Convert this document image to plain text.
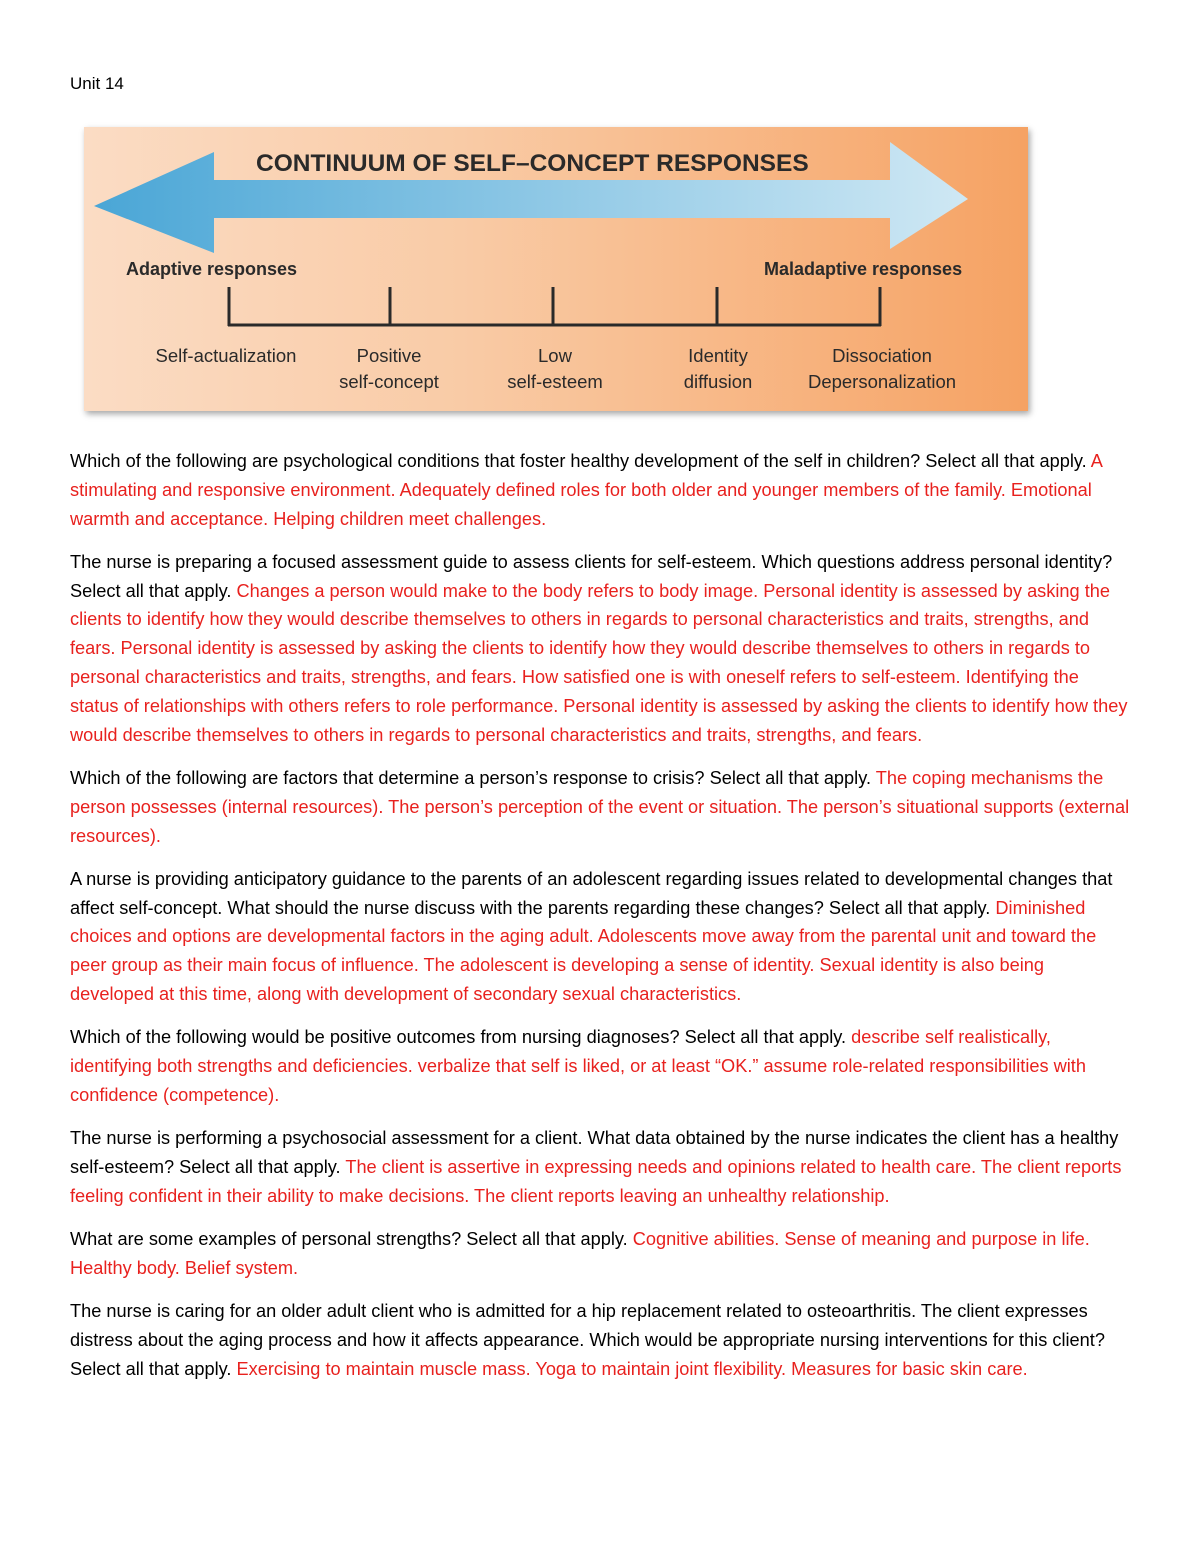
Unit 14
CONTINUUM OF SELF–CONCEPT RESPONSES
Adaptive responses	Maladaptive responses
Self-actualization	Positive
self-concept
Low
self-esteem
Identity
diffusion
Dissociation
Depersonalization

Which of the following are psychological conditions that foster healthy development of the self in children? Select all that apply. A stimulating and responsive environment. Adequately defined roles for both older and younger members of the family. Emotional warmth and acceptance. Helping children meet challenges.

The nurse is preparing a focused assessment guide to assess clients for self-esteem. Which questions address personal identity? Select all that apply. Changes a person would make to the body refers to body image. Personal identity is assessed by asking the clients to identify how they would describe themselves to others in regards to personal characteristics and traits, strengths, and fears. Personal identity is assessed by asking the clients to identify how they would describe themselves to others in regards to personal characteristics and traits, strengths, and fears. How satisfied one is with oneself refers to self-esteem. Identifying the status of relationships with others refers to role performance. Personal identity is assessed by asking the clients to identify how they would describe themselves to others in regards to personal characteristics and traits, strengths, and fears.

Which of the following are factors that determine a person’s response to crisis? Select all that apply. The coping mechanisms the person possesses (internal resources). The person’s perception of the event or situation. The person’s situational supports (external resources).

A nurse is providing anticipatory guidance to the parents of an adolescent regarding issues related to developmental changes that affect self-concept. What should the nurse discuss with the parents regarding these changes? Select all that apply. Diminished choices and options are developmental factors in the aging adult. Adolescents move away from the parental unit and toward the peer group as their main focus of influence. The adolescent is developing a sense of identity. Sexual identity is also being developed at this time, along with development of secondary sexual characteristics.

Which of the following would be positive outcomes from nursing diagnoses? Select all that apply. describe self realistically, identifying both strengths and deficiencies. verbalize that self is liked, or at least “OK.” assume role-related responsibilities with confidence (competence).

The nurse is performing a psychosocial assessment for a client. What data obtained by the nurse indicates the client has a healthy self-esteem? Select all that apply. The client is assertive in expressing needs and opinions related to health care. The client reports feeling confident in their ability to make decisions. The client reports leaving an unhealthy relationship.

What are some examples of personal strengths? Select all that apply. Cognitive abilities. Sense of meaning and purpose in life. Healthy body. Belief system.

The nurse is caring for an older adult client who is admitted for a hip replacement related to osteoarthritis. The client expresses distress about the aging process and how it affects appearance. Which would be appropriate nursing interventions for this client? Select all that apply. Exercising to maintain muscle mass. Yoga to maintain joint flexibility. Measures for basic skin care.
